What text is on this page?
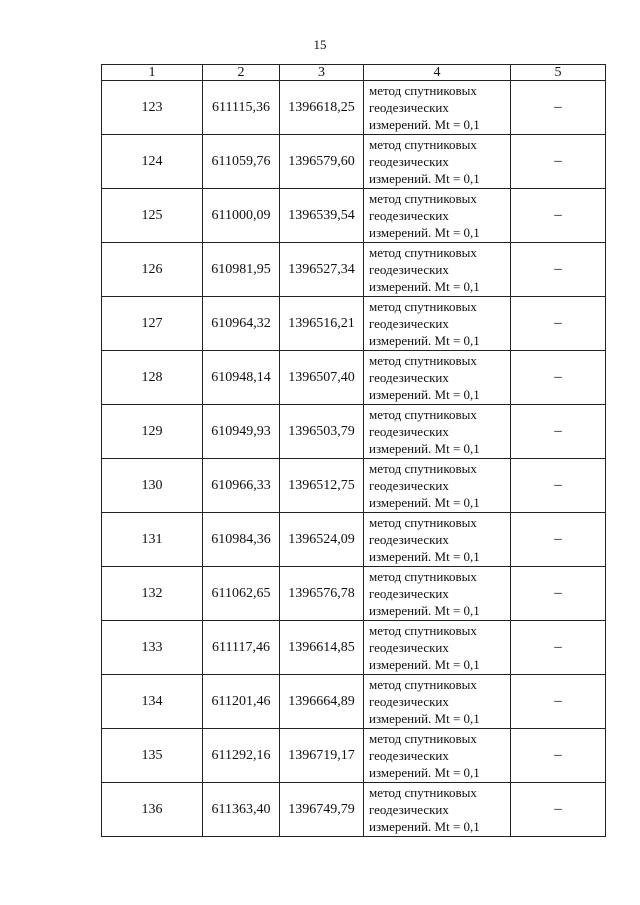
15
1	2	3	4	5
123	611115,36	1396618,25	метод спутниковых
геодезических
измерений. Mt = 0,1	–
124	611059,76	1396579,60	метод спутниковых
геодезических
измерений. Mt = 0,1	–
125	611000,09	1396539,54	метод спутниковых
геодезических
измерений. Mt = 0,1	–
126	610981,95	1396527,34	метод спутниковых
геодезических
измерений. Mt = 0,1	–
127	610964,32	1396516,21	метод спутниковых
геодезических
измерений. Mt = 0,1	–
128	610948,14	1396507,40	метод спутниковых
геодезических
измерений. Mt = 0,1	–
129	610949,93	1396503,79	метод спутниковых
геодезических
измерений. Mt = 0,1	–
130	610966,33	1396512,75	метод спутниковых
геодезических
измерений. Mt = 0,1	–
131	610984,36	1396524,09	метод спутниковых
геодезических
измерений. Mt = 0,1	–
132	611062,65	1396576,78	метод спутниковых
геодезических
измерений. Mt = 0,1	–
133	611117,46	1396614,85	метод спутниковых
геодезических
измерений. Mt = 0,1	–
134	611201,46	1396664,89	метод спутниковых
геодезических
измерений. Mt = 0,1	–
135	611292,16	1396719,17	метод спутниковых
геодезических
измерений. Mt = 0,1	–
136	611363,40	1396749,79	метод спутниковых
геодезических
измерений. Mt = 0,1	–
